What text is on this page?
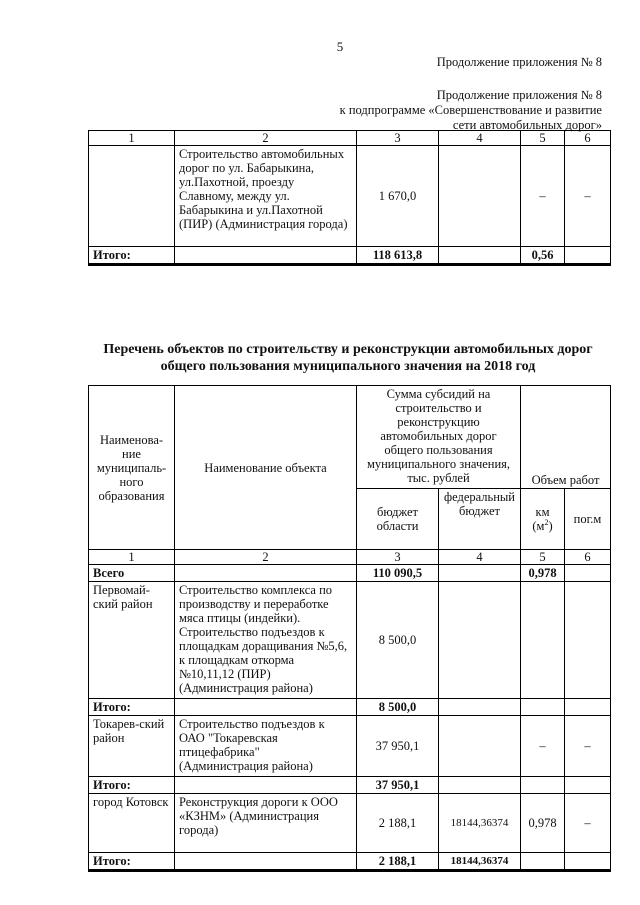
5
Продолжение приложения № 8
Продолжение приложения № 8
к подпрограмме «Совершенствование и развитие
сети автомобильных дорог»
1	2	3	4	5	6
	Строительство автомобильных дорог по ул. Бабарыкина, ул.Пахотной, проезду Славному, между ул. Бабарыкина и ул.Пахотной (ПИР) (Администрация города)	1 670,0		–	–
Итого:		118 613,8		0,56	
Перечень объектов по строительству и реконструкции автомобильных дорог общего пользования муниципального значения на 2018 год
Наименова-ние муниципаль-ного образования	Наименование объекта	Сумма субсидий на строительство и реконструкцию автомобильных дорог общего пользования муниципального значения, тыс. рублей		Объем работ	
		бюджет области	федеральный бюджет	км $(м^2)$	пог.м
1	2	3	4	5	6
Всего		110 090,5		0,978	
Первомай-ский район	Строительство комплекса по производству и переработке мяса птицы (индейки). Строительство подъездов к площадкам доращивания №5,6, к площадкам откорма №10,11,12 (ПИР) (Администрация района)	8 500,0			
Итого:		8 500,0			
Токарев-ский район	Строительство подъездов к ОАО "Токаревская птицефабрика" (Администрация района)	37 950,1		–	–
Итого:		37 950,1			
город Котовск	Реконструкция дороги к ООО «КЗНМ» (Администрация города)	2 188,1	18144,36374	0,978	–
Итого:		2 188,1	18144,36374		
